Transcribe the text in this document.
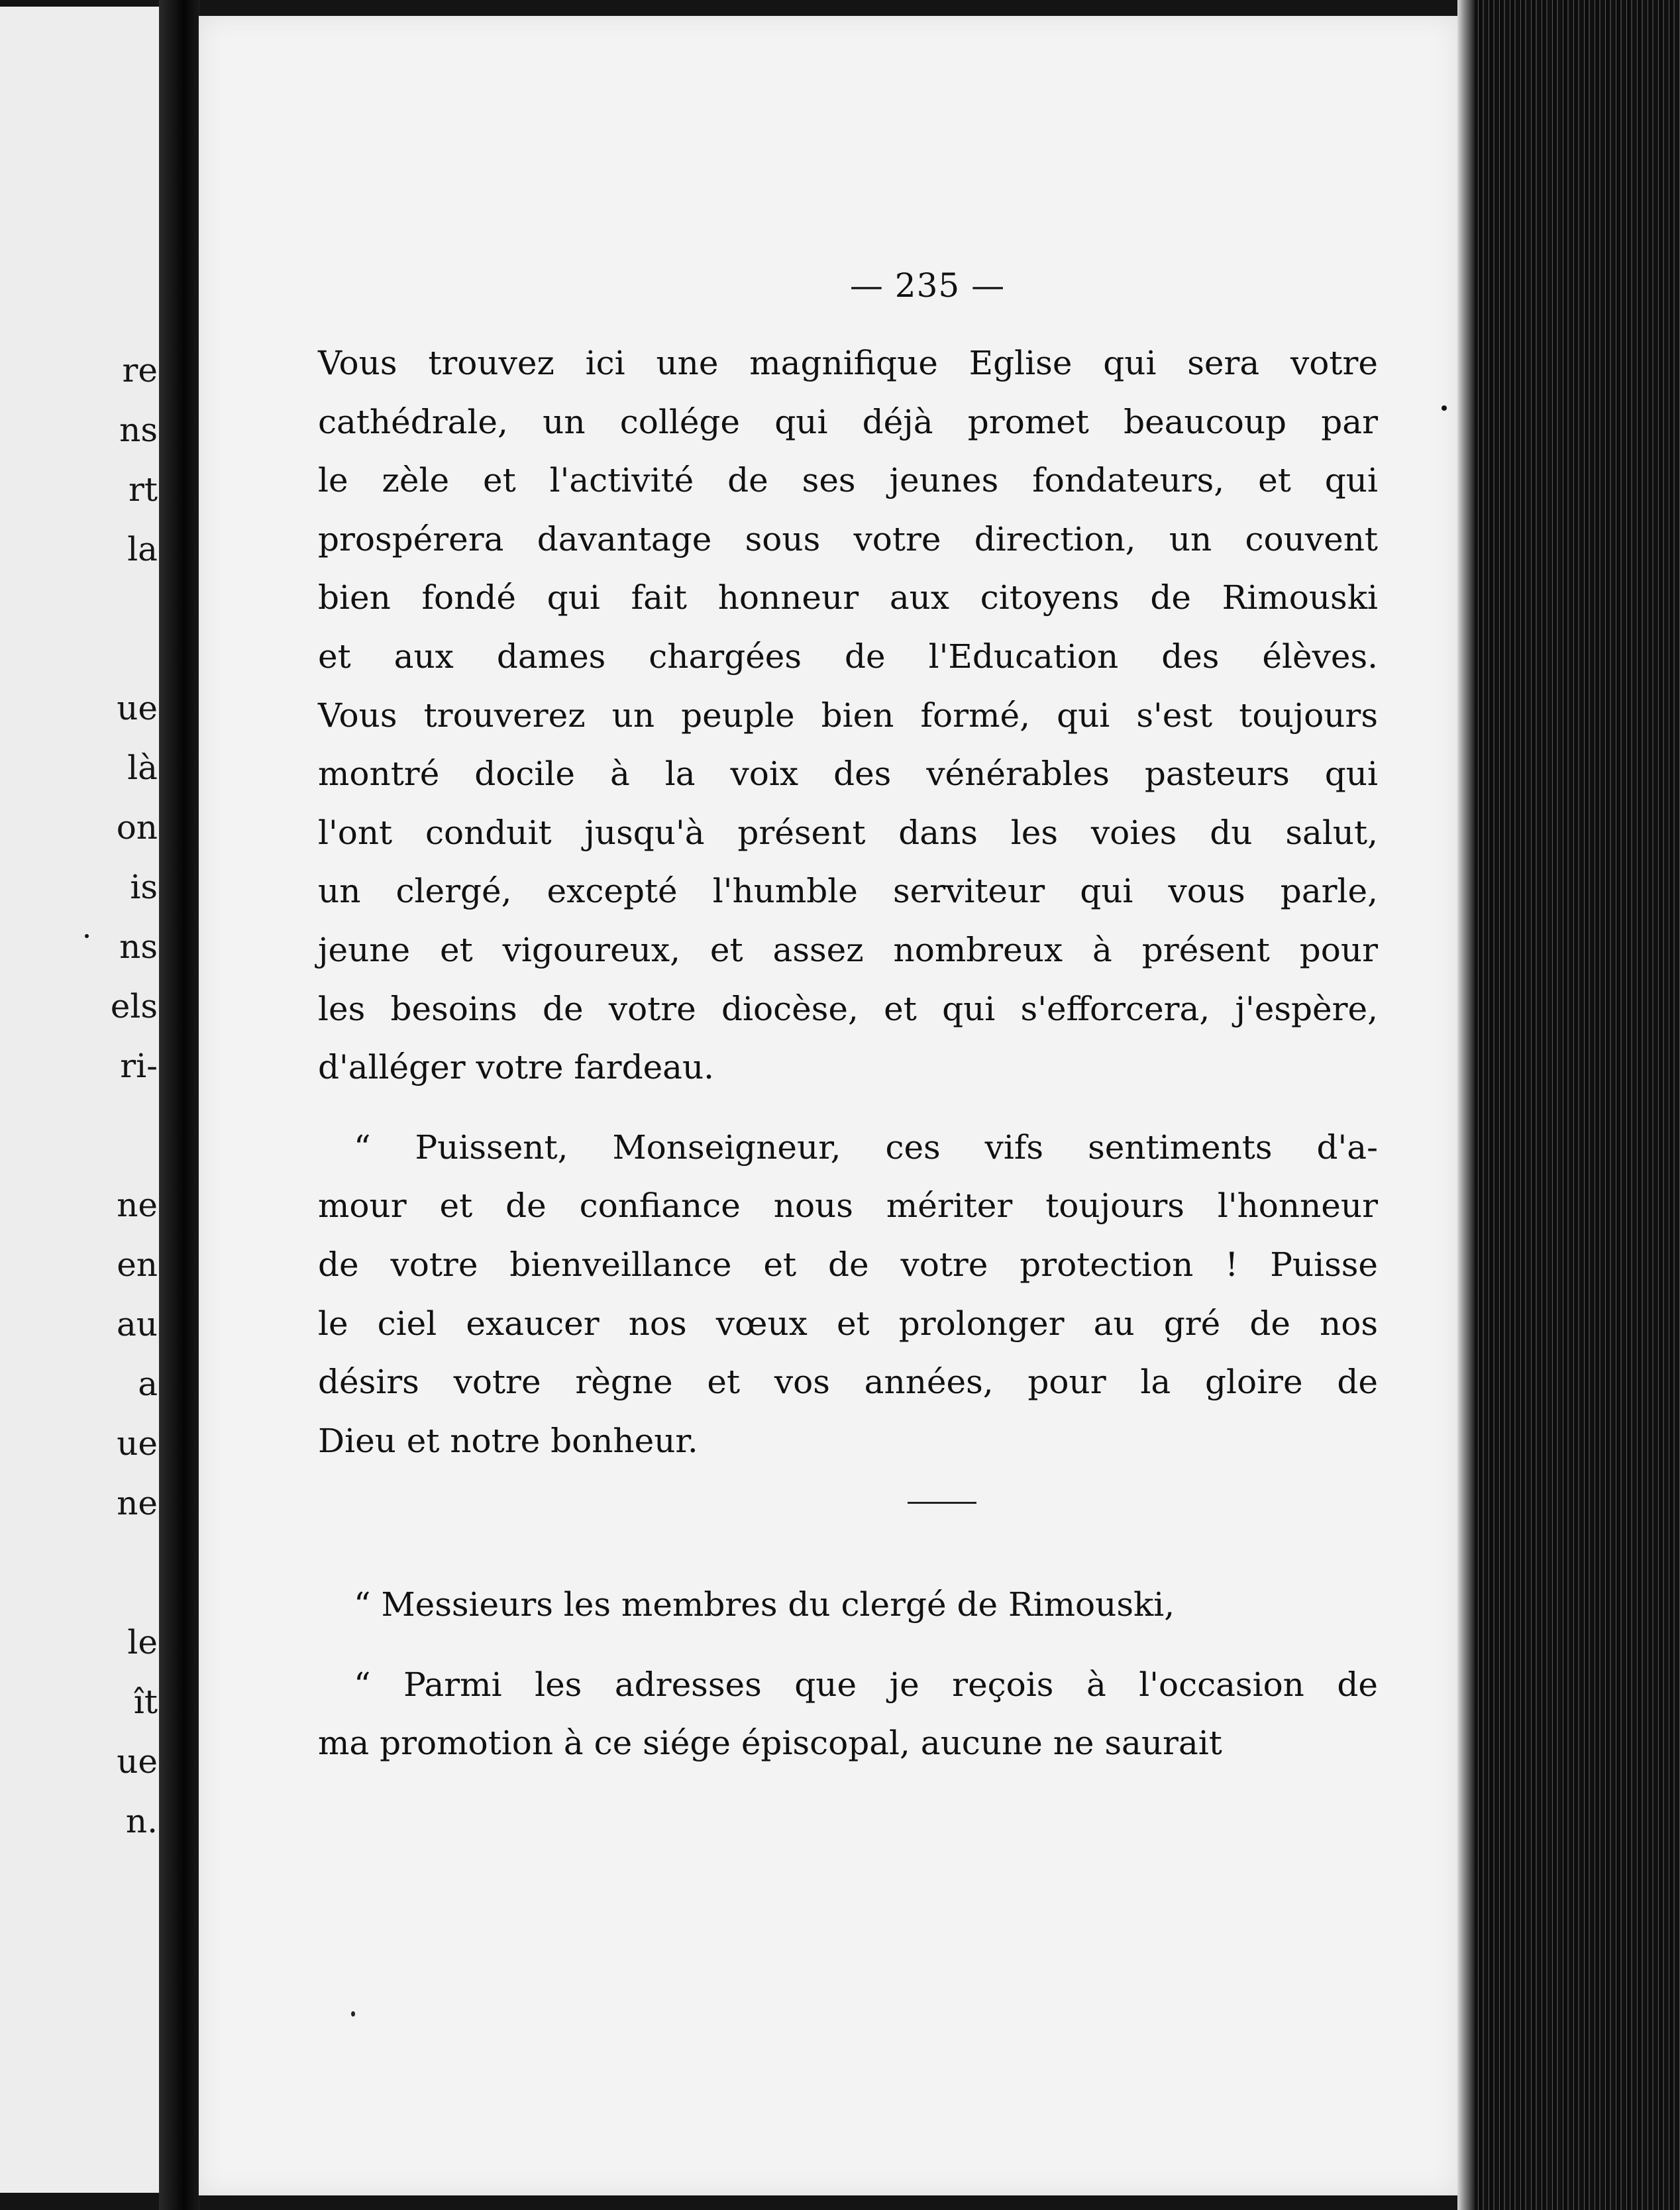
re
ns
rt
la
ue
là
on
is
ns
els
ri-
ne
en
au
a
ue
ne
le
ît
ue
n.
— 235 —
Vous trouvez ici une magnifique Eglise qui sera votre
cathédrale, un collége qui déjà promet beaucoup par
le zèle et l'activité de ses jeunes fondateurs, et qui
prospérera davantage sous votre direction, un couvent
bien fondé qui fait honneur aux citoyens de Rimouski
et aux dames chargées de l'Education des élèves.
Vous trouverez un peuple bien formé, qui s'est toujours
montré docile à la voix des vénérables pasteurs qui
l'ont conduit jusqu'à présent dans les voies du salut,
un clergé, excepté l'humble serviteur qui vous parle,
jeune et vigoureux, et assez nombreux à présent pour
les besoins de votre diocèse, et qui s'efforcera, j'espère,
d'alléger votre fardeau.
“ Puissent, Monseigneur, ces vifs sentiments d'a-
mour et de confiance nous mériter toujours l'honneur
de votre bienveillance et de votre protection ! Puisse
le ciel exaucer nos vœux et prolonger au gré de nos
désirs votre règne et vos années, pour la gloire de
Dieu et notre bonheur.
“ Messieurs les membres du clergé de Rimouski,
“ Parmi les adresses que je reçois à l'occasion de
ma promotion à ce siége épiscopal, aucune ne saurait
